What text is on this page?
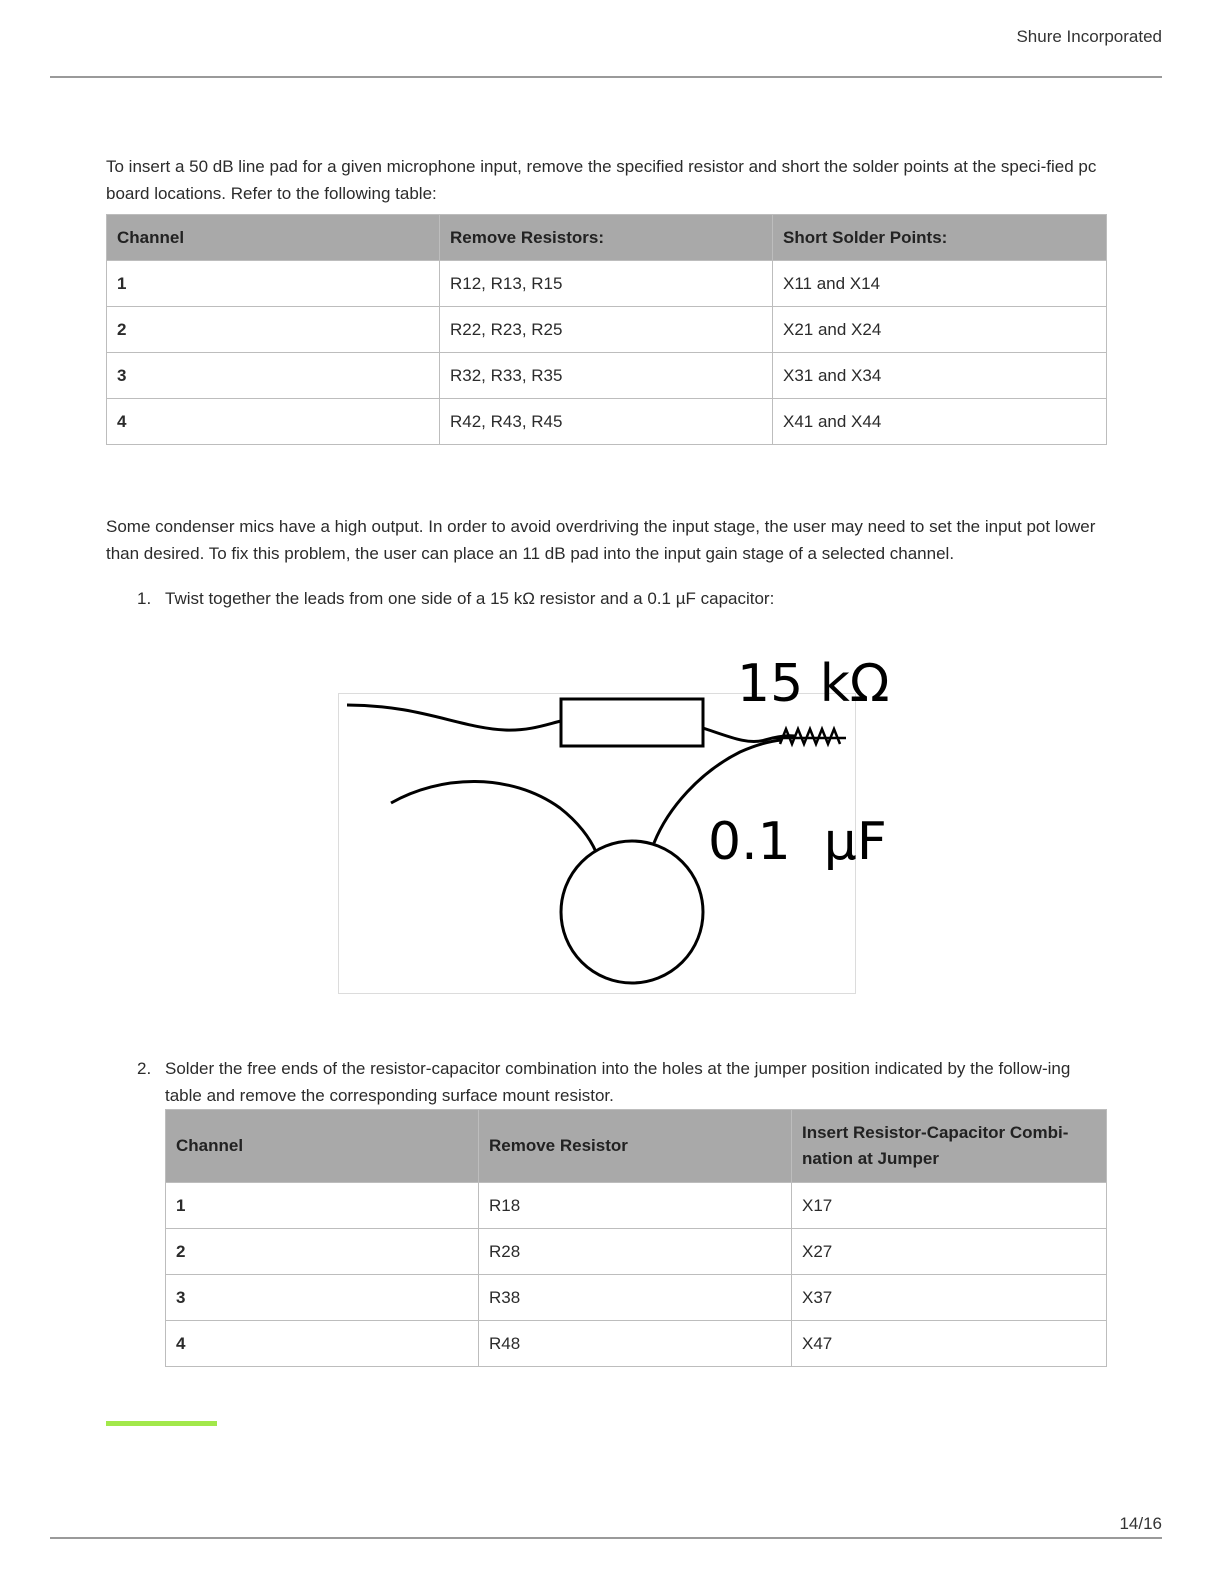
Shure Incorporated

To insert a 50 dB line pad for a given microphone input, remove the specified resistor and short the solder points at the speci-fied pc board locations. Refer to the following table:

Channel	Remove Resistors:	Short Solder Points:
1	R12, R13, R15	X11 and X14
2	R22, R23, R25	X21 and X24
3	R32, R33, R35	X31 and X34
4	R42, R43, R45	X41 and X44

Some condenser mics have a high output. In order to avoid overdriving the input stage, the user may need to set the input pot lower than desired. To fix this problem, the user can place an 11 dB pad into the input gain stage of a selected channel.

1. Twist together the leads from one side of a 15 kΩ resistor and a 0.1 µF capacitor:
15 kΩ
0.1  µF
2. Solder the free ends of the resistor-capacitor combination into the holes at the jumper position indicated by the follow-ing table and remove the corresponding surface mount resistor.
Channel	Remove Resistor	Insert Resistor-Capacitor Combi-nation at Jumper
1	R18	X17
2	R28	X27
3	R38	X37
4	R48	X47
14/16
